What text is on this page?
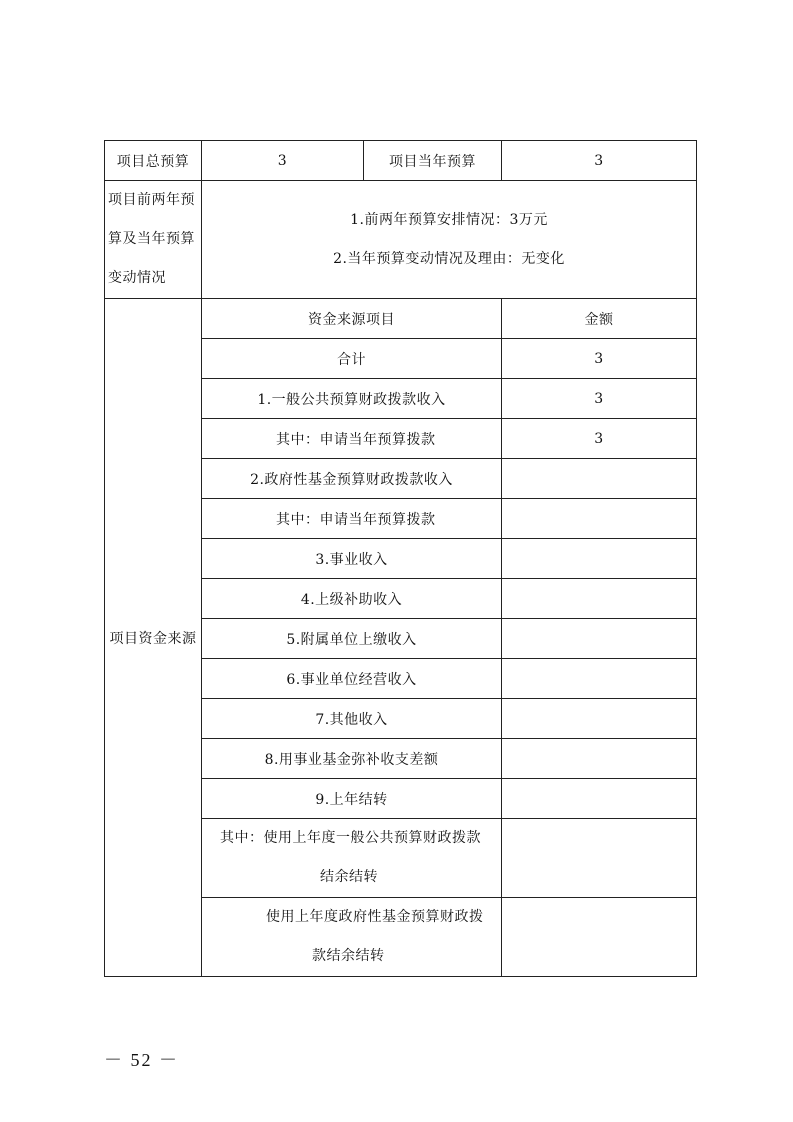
项目总预算	3	项目当年预算	3

项目前两年预
算及当年预算
变动情况	1.前两年预算安排情况：3万元
2.当年预算变动情况及理由：无变化		

项目资金来源	资金来源项目		金额
	合计		3
	1.一般公共预算财政拨款收入		3
	其中：申请当年预算拨款		3
	2.政府性基金预算财政拨款收入		
	其中：申请当年预算拨款		
	3.事业收入		
	4.上级补助收入		
	5.附属单位上缴收入		
	6.事业单位经营收入		
	7.其他收入		
	8.用事业基金弥补收支差额		
	9.上年结转		

	其中：使用上年度一般公共预算财政拨款
结余结转		

	使用上年度政府性基金预算财政拨
款结余结转		

－ 52 －
